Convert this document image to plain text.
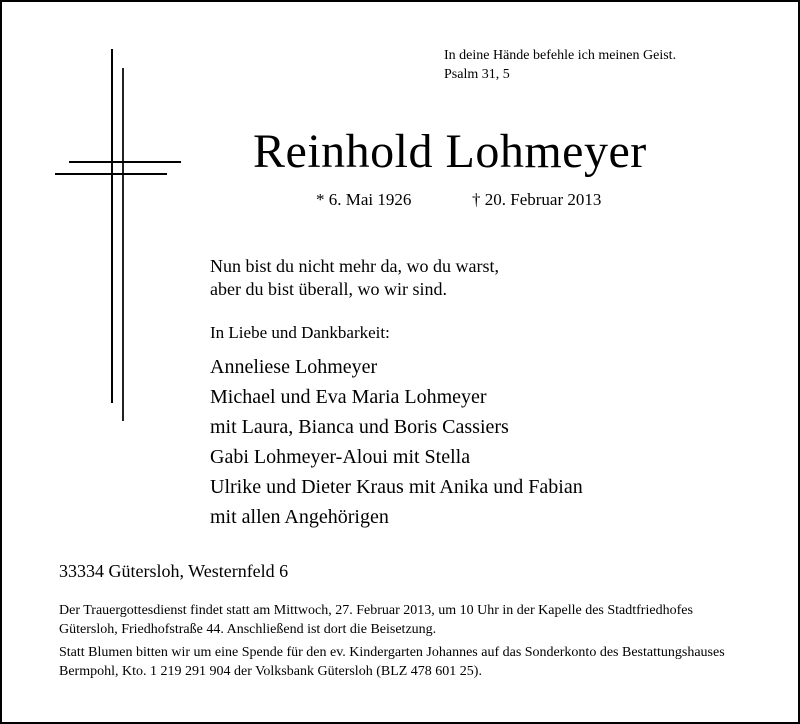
In deine Hände befehle ich meinen Geist.
Psalm 31, 5
Reinhold Lohmeyer
* 6. Mai 1926	† 20. Februar 2013
Nun bist du nicht mehr da, wo du warst,
aber du bist überall, wo wir sind.
In Liebe und Dankbarkeit:
Anneliese Lohmeyer
Michael und Eva Maria Lohmeyer
mit Laura, Bianca und Boris Cassiers
Gabi Lohmeyer-Aloui mit Stella
Ulrike und Dieter Kraus mit Anika und Fabian
mit allen Angehörigen
33334 Gütersloh, Westernfeld 6

Der Trauergottesdienst findet statt am Mittwoch, 27. Februar 2013, um 10 Uhr in der Kapelle des Stadtfriedhofes Gütersloh, Friedhofstraße 44. Anschließend ist dort die Beisetzung.

Statt Blumen bitten wir um eine Spende für den ev. Kindergarten Johannes auf das Sonderkonto des Bestattungshauses Bermpohl, Kto. 1 219 291 904 der Volksbank Gütersloh (BLZ 478 601 25).
